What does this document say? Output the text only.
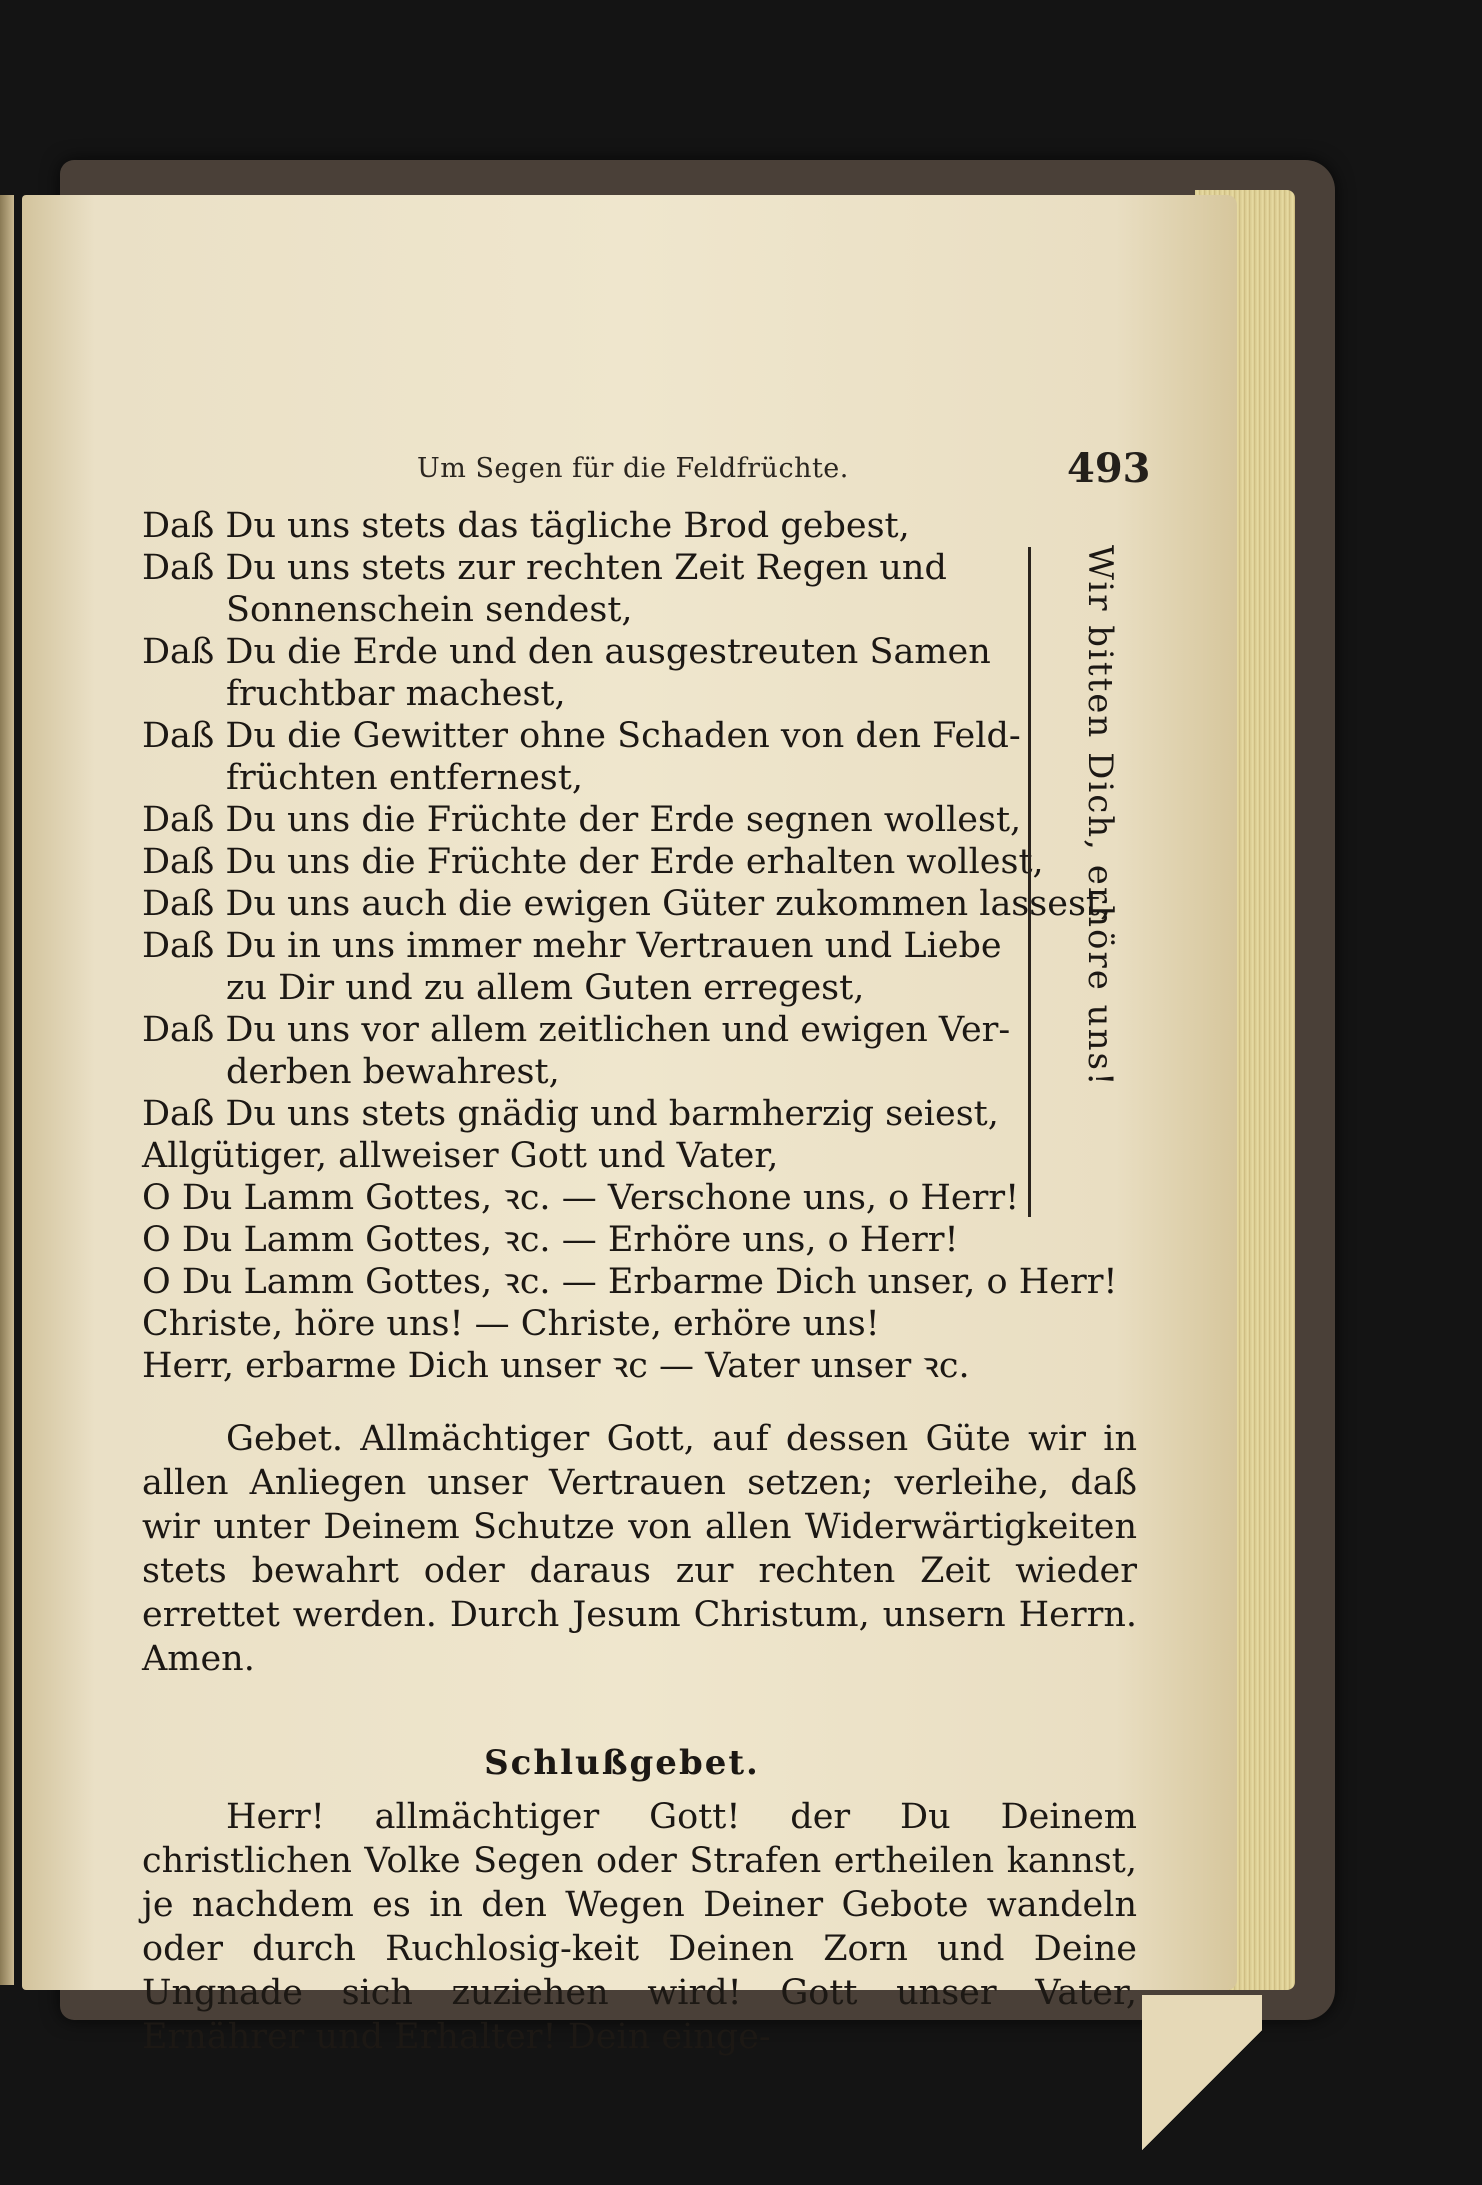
Um Segen für die Feldfrüchte.	493
Daß Du uns stets das tägliche Brod gebest,
Daß Du uns stets zur rechten Zeit Regen und
Sonnenschein sendest,
Daß Du die Erde und den ausgestreuten Samen
fruchtbar machest,
Daß Du die Gewitter ohne Schaden von den Feld-
früchten entfernest,
Daß Du uns die Früchte der Erde segnen wollest,
Daß Du uns die Früchte der Erde erhalten wollest,
Daß Du uns auch die ewigen Güter zukommen lassest,
Daß Du in uns immer mehr Vertrauen und Liebe
zu Dir und zu allem Guten erregest,
Daß Du uns vor allem zeitlichen und ewigen Ver-
derben bewahrest,
Daß Du uns stets gnädig und barmherzig seiest,
Allgütiger, allweiser Gott und Vater,
O Du Lamm Gottes, ꝛc. — Verschone uns, o Herr!
O Du Lamm Gottes, ꝛc. — Erhöre uns, o Herr!
O Du Lamm Gottes, ꝛc. — Erbarme Dich unser, o Herr!
Christe, höre uns! — Christe, erhöre uns!
Herr, erbarme Dich unser ꝛc — Vater unser ꝛc.
Wir bitten Dich, erhöre uns!
Gebet. Allmächtiger Gott, auf dessen Güte wir in allen Anliegen unser Vertrauen setzen; verleihe, daß wir unter Deinem Schutze von allen Widerwärtigkeiten stets bewahrt oder daraus zur rechten Zeit wieder errettet werden. Durch Jesum Christum, unsern Herrn. Amen.
Schlußgebet.
Herr! allmächtiger Gott! der Du Deinem christlichen Volke Segen oder Strafen ertheilen kannst, je nachdem es in den Wegen Deiner Gebote wandeln oder durch Ruchlosig-keit Deinen Zorn und Deine Ungnade sich zuziehen wird! Gott unser Vater, Ernährer und Erhalter! Dein einge-
